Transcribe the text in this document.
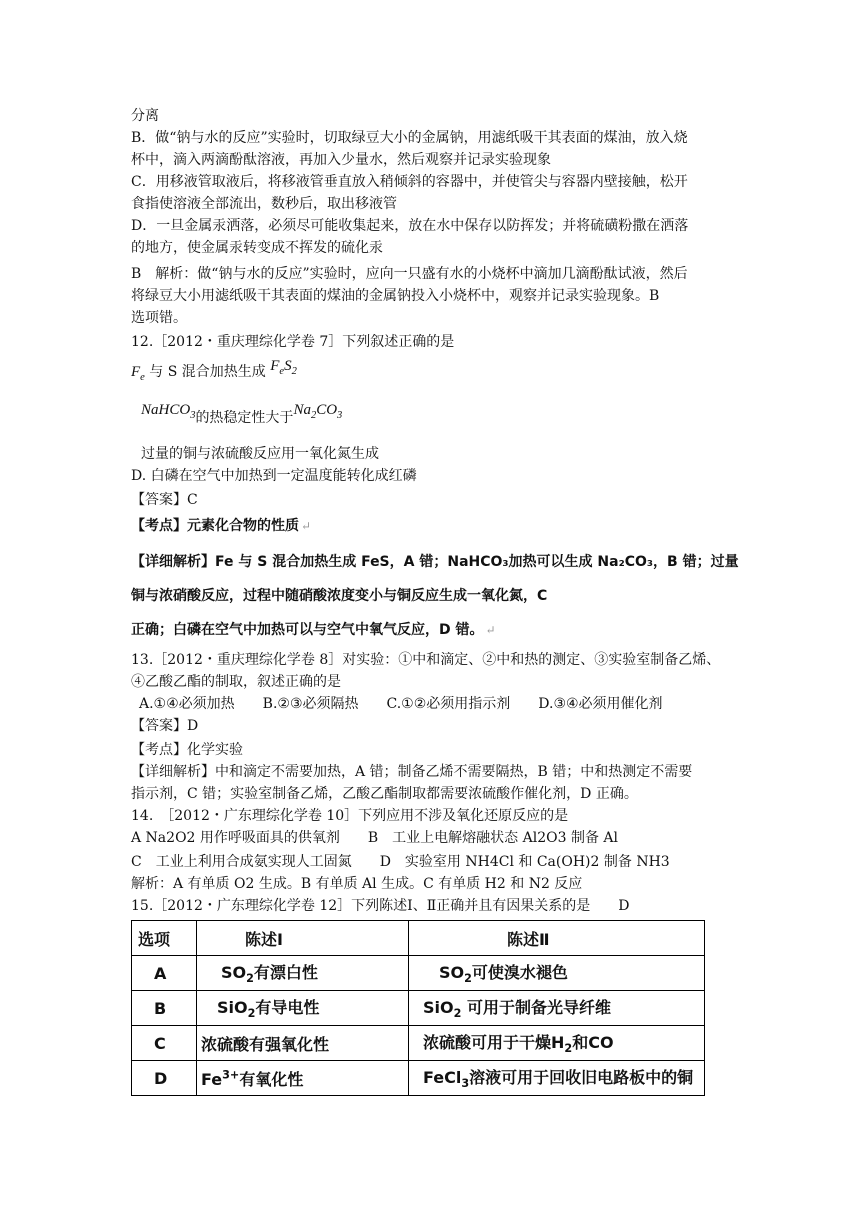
分离
B．做“钠与水的反应”实验时，切取绿豆大小的金属钠，用滤纸吸干其表面的煤油，放入烧
杯中，滴入两滴酚酞溶液，再加入少量水，然后观察并记录实验现象
C．用移液管取液后，将移液管垂直放入稍倾斜的容器中，并使管尖与容器内壁接触，松开
食指使溶液全部流出，数秒后，取出移液管
D．一旦金属汞洒落，必须尽可能收集起来，放在水中保存以防挥发；并将硫磺粉撒在洒落
的地方，使金属汞转变成不挥发的硫化汞
B　解析：做“钠与水的反应”实验时，应向一只盛有水的小烧杯中滴加几滴酚酞试液，然后
将绿豆大小用滤纸吸干其表面的煤油的金属钠投入小烧杯中，观察并记录实验现象。B
选项错。
12.［2012・重庆理综化学卷 7］下列叙述正确的是
$F_e$ 与 S 混合加热生成 $F_eS_2$
NaHCO$_3$的热稳定性大于$Na_2CO_3$
过量的铜与浓硫酸反应用一氧化氮生成
D. 白磷在空气中加热到一定温度能转化成红磷
【答案】C
【考点】元素化合物的性质 ↵
【详细解析】Fe 与 S 混合加热生成 FeS，A 错；NaHCO₃加热可以生成 Na₂CO₃，B 错；过量
铜与浓硝酸反应，过程中随硝酸浓度变小与铜反应生成一氧化氮，C
正确；白磷在空气中加热可以与空气中氧气反应，D 错。 ↵
13.［2012・重庆理综化学卷 8］对实验：①中和滴定、②中和热的测定、③实验室制备乙烯、
④乙酸乙酯的制取，叙述正确的是
A.①④必须加热　　B.②③必须隔热　　C.①②必须用指示剂　　D.③④必须用催化剂
【答案】D
【考点】化学实验
【详细解析】中和滴定不需要加热，A 错；制备乙烯不需要隔热，B 错；中和热测定不需要
指示剂，C 错；实验室制备乙烯，乙酸乙酯制取都需要浓硫酸作催化剂，D 正确。
14.　［2012・广东理综化学卷 10］下列应用不涉及氧化还原反应的是
A Na2O2 用作呼吸面具的供氧剂　　B　工业上电解熔融状态 Al2O3 制备 Al
C　工业上利用合成氨实现人工固氮　　D　实验室用 NH4Cl 和 Ca(OH)2 制备 NH3
解析：A 有单质 O2 生成。B 有单质 Al 生成。C 有单质 H2 和 N2 反应
15.［2012・广东理综化学卷 12］下列陈述Ⅰ、Ⅱ正确并且有因果关系的是　　D
选项	陈述Ⅰ	陈述Ⅱ
A	$SO_2$有漂白性	$SO_2$可使溴水褪色
B	SiO$_2$有导电性	SiO$_2$ 可用于制备光导纤维
C	浓硫酸有强氧化性	浓硫酸可用于干燥$H_2$和CO
D	$Fe^{3+}$有氧化性	FeCl$_3$溶液可用于回收旧电路板中的铜
